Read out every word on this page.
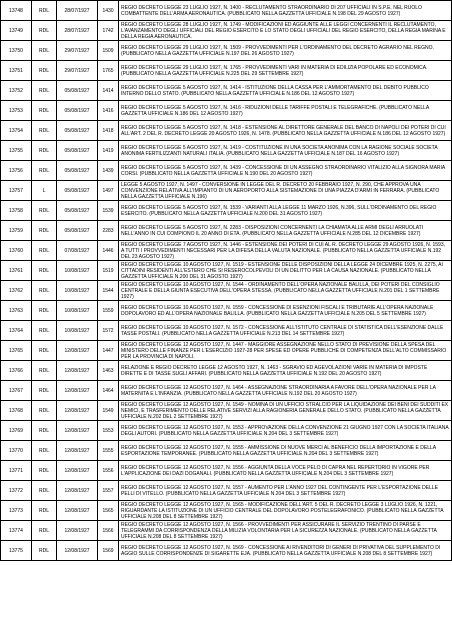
13748	RDL	28/07/1927	1430	REGIO DECRETO LEGGE 23 LUGLIO 1927, N. 1400 - RECLUTAMENTO STRAORDINARIO DI 207 UFFICIALI IN S.P.E. NEL RUOLO COMBATTENTE DELL'ARMA AERONAUTICA. (PUBBLICATO NELLA GAZZETTA UFFICIALE N.198 DEL 29 AGOSTO 1927)
13749	RDL	28/07/1927	1742	REGIO DECRETO LEGGE 28 LUGLIO 1927, N. 1749 - MODIFICAZIONI ED AGGIUNTE ALLE LEGGI CONCERNENTI IL RECLUTAMENTO, L'AVANZAMENTO DEGLI UFFICIALI DEL REGIO ESERCITO E LO STATO DEGLI UFFICIALI DEL REGIO ESERCITO, DELLA REGIA MARINA E DELLA REGIA AERONAUTICA.
13750	RDL	29/07/1927	1509	REGIO DECRETO LEGGE 29 LUGLIO 1927, N. 1509 - PROVVEDIMENTI PER L'ORDINAMENTO DEL DECRETO AGRARIO NEL REGNO. (PUBBLICATO NELLA GAZZETTA UFFICIALE N.197 DEL 26 AGOSTO 1927)
13751	RDL	29/07/1927	1765	REGIO DECRETO LEGGE 29 LUGLIO 1927, N. 1765 - PROVVEDIMENTI VARI IN MATERIA DI EDILIZIA POPOLARE ED ECONOMICA. (PUBBLICATO NELLA GAZZETTA UFFICIALE N.225 DEL 29 SETTEMBRE 1927)
13752	RDL	05/08/1927	1414	REGIO DECRETO LEGGE 5 AGOSTO 1927, N. 1414 - ISTITUZIONE DELLA CASSA PER L'AMMORTAMENTO DEL DEBITO PUBBLICO INTERNO DELLO STATO. (PUBBLICATO NELLA GAZZETTA UFFICIALE N.186 DEL 12 AGOSTO 1927)
13753	RDL	05/08/1927	1416	REGIO DECRETO LEGGE 5 AGOSTO 1927, N. 1416 - RIDUZIONI DELLE TARIFFE POSTALI E TELEGRAFICHE. (PUBBLICATO NELLA GAZZETTA UFFICIALE N.186 DEL 12 AGOSTO 1927)
13754	RDL	05/08/1927	1418	REGIO DECRETO LEGGE 5 AGOSTO 1927, N. 1418 - ESTENSIONE AL DIRETTORE GENERALE DEL BANCO DI NAPOLI DEI POTERI DI CUI ALL'ART. 2 DEL R. DECRETO LEGGE 20 AGOSTO 1926, N. 1478. (PUBBLICATO NELLA GAZZETTA UFFICIALE N.186 DEL 12 AGOSTO 1927)
13755	RDL	05/08/1927	1419	REGIO DECRETO LEGGE 5 AGOSTO 1927, N. 1419 - COSTITUZIONE IN UNA SOCIETA ANONIMA CON LA RAGIONE SOCIALE SOCIETA ANONIMA FERTILIZZANTI NATURALI ITALIA. (PUBBLICATO NELLA GAZZETTA UFFICIALE N.187 DEL 16 AGOSTO 1927)
13756	RDL	05/08/1927	1439	REGIO DECRETO LEGGE 5 AGOSTO 1927, N. 1439 - CONCESSIONE DI UN ASSEGNO STRAORDINARIO VITALIZIO ALLA SIGNORA MARIA CORSI. (PUBBLICATO NELLA GAZZETTA UFFICIALE N.190 DEL 20 AGOSTO 1927)
13757	L	05/08/1927	1497	LEGGE 5 AGOSTO 1927, N. 1497 - CONVERSIONE IN LEGGE DEL R. DECRETO 20 FEBBRAIO 1927, N. 290, CHE APPROVA UNA CONVENZIONE RELATIVA ALL'IMPIANTO DI UN AEROPORTO ALLA SISTEMAZIONE DI UNA PIAZZA D'ARMI IN FERRARA. (PUBBLICATO NELLA GAZZETTA UFFICIALE N.196)
13758	RDL	05/08/1927	1539	REGIO DECRETO LEGGE 5 AGOSTO 1927, N. 1539 - VARIANTI ALLA LEGGE 11 MARZO 1926, N.396, SULL'ORDINAMENTO DEL REGIO ESERCITO. (PUBBLICATO NELLA GAZZETTA UFFICIALE N.200 DEL 31 AGOSTO 1927)
13759	RDL	05/08/1927	2283	REGIO DECRETO LEGGE 5 AGOSTO 1927, N. 2283 - DISPOSIZIONI CONCERNENTI LA CHIAMATA ALLE ARMI DEGLI ARRUOLATI NELL'ANNO IN CUI COMPIONO IL 20 ANNO DI ETA. (PUBBLICATO NELLA GAZZETTA UFFICIALE N.285 DEL 12 DICEMBRE 1927)
13760	RDL	07/08/1927	1446	REGIO DECRETO LEGGE 7 AGOSTO 1927, N. 1446 - ESTENSIONE DEI POTERI DI CUI AL R. DECRETO LEGGE 29 AGOSTO 1926, N. 1593, A TUTTI I PROVVEDIMENTI NECESSARI PER LA DIFESA DELLA VALUTA NAZIONALE. (PUBBLICATO NELLA GAZZETTA UFFICIALE N.192 DEL 23 AGOSTO 1927)
13761	RDL	10/08/1927	1519	REGIO DECRETO LEGGE 10 AGOSTO 1927, N. 1519 - ESTENSIONE DELLE DISPOSIZIONI DELLA LEGGE 24 DICEMBRE 1925, N. 2275, AI CITTADINI RESIDENTI ALL'ESTERO CHE SI RESEROCOLPEVOLI DI UN DELITTO PER LA CAUSA NAZIONALE. (PUBBLICATO NELLA GAZZETTA UFFICIALE N.200 DEL 31 AGOSTO 1927)
13762	RDL	10/08/1927	1544	REGIO DECRETO LEGGE 10 AGOSTO 1927, N. 1544 - ORDINAMENTO DELL'OPERA NAZIONALE BALILLA, DEI POTERI DEL CONSIGLIO CENTRALE E DELLA GIUNTA ESECUTIVA DELL'OPERA STESSA. (PUBBLICATO NELLA GAZZETTA UFFICIALE N.201 DEL 1 SETTEMBRE 1927)
13763	RDL	10/08/1927	1559	REGIO DECRETO LEGGE 10 AGOSTO 1927, N. 1559 - CONCESSIONE DI ESENZIONI FISCALI E TRIBUTARIE ALL'OPERA NAZIONALE DOPOLAVORO ED ALL'OPERA NAZIONALE BALILLA. (PUBBLICATO NELLA GAZZETTA UFFICIALE N.205 DEL 5 SETTEMBRE 1927)
13764	RDL	10/08/1927	1572	REGIO DECRETO LEGGE 10 AGOSTO 1927, N. 1572 - CONCESSIONE ALL'ISTITUTO CENTRALE DI STATISTICA DELL'ESENZIONE DALLE TASSE POSTALI. (PUBBLICATO NELLA GAZZETTA UFFICIALE N.213 DEL 14 SETTEMBRE 1927)
13765	RDL	12/08/1927	1447	REGIO DECRETO LEGGE 12 AGOSTO 1927, N. 1447 - MAGGIORE ASSEGNAZIONE NELLO STATO DI PREVISIONE DELLA SPESA DEL MINISTERO DELLE FINANZE PER L'ESERCIZIO 1927-28 PER SPESE ED OPERE PUBBLICHE DI COMPETENZA DELL'ALTO COMMISSARIO PER LA PROVINCIA DI NAPOLI.
13766	RDL	12/08/1927	1463	RELAZIONE E REGIO DECRETO LEGGE 12 AGOSTO 1927, N. 1463 - SGRAVIO ED AGEVOLAZIONI VARIE IN MATERIA DI IMPOSTE DIRETTE E DI TASSE SUGLI AFFARI. (PUBBLICATO NELLA GAZZETTA UFFICIALE N.192 DEL 20 AGOSTO 1927)
13767	RDL	12/08/1927	1464	REGIO DECRETO LEGGE 12 AGOSTO 1927, N. 1464 - ASSEGNAZIONE STRAORDINARIA A FAVORE DELL'OPERA NAZIONALE PER LA MATERNITA E L'INFANZIA. (PUBBLICATO NELLA GAZZETTA UFFICIALE N.192 DEL 20 AGOSTO 1927)
13768	RDL	12/08/1927	1549	REGIO DECRETO LEGGE 12 AGOSTO 1927, N. 1549 - NOMINA DI UN UFFICIO STRALCIO PER LA LIQUIDAZIONE DEI BENI DEI SUDDITI EX NEMICI, E TRASFERIMENTO DELLE RELATIVE SERVIZI ALLA RAGIONERIA GENERALE DELLO STATO. (PUBBLICATO NELLA GAZZETTA UFFICIALE N.202 DEL 2 SETTEMBRE 1927)
13769	RDL	12/08/1927	1553	REGIO DECRETO LEGGE 12 AGOSTO 1927, N. 1553 - APPROVAZIONE DELLA CONVENZIONE 21 GIUGNO 1927 CON LA SOCIETA ITALIANA DEGLI AUTORI. (PUBBLICATO NELLA GAZZETTA UFFICIALE N.204 DEL 3 SETTEMBRE 1927)
13770	RDL	12/08/1927	1555	REGIO DECRETO LEGGE 12 AGOSTO 1927, N. 1555 - AMMISSIONE DI NUOVE MERCI AL BENEFICIO DELLA IMPORTAZIONE E DELLA ESPORTAZIONE TEMPORANEE. (PUBBLICATO NELLA GAZZETTA UFFICIALE N.204 DEL 3 SETTEMBRE 1927)
13771	RDL	12/08/1927	1556	REGIO DECRETO LEGGE 12 AGOSTO 1927, N. 1556 - AGGIUNTA DELLA VOCE PELO DI CAPRA NEL REPERTORIO IN VIGORE PER L'APPLICAZIONE DEI DAZI DOGANALI. (PUBBLICATO NELLA GAZZETTA UFFICIALE N.204 DEL 3 SETTEMBRE 1927)
13772	RDL	12/08/1927	1557	REGIO DECRETO LEGGE 12 AGOSTO 1927, N. 1557 - AUMENTO PER L'ANNO 1927 DEL CONTINGENTE PER L'ESPORTAZIONE DELLE PELLI DI VITELLO. (PUBBLICATO NELLA GAZZETTA UFFICIALE N.204 DEL 3 SETTEMBRE 1927)
13773	RDL	12/08/1927	1565	REGIO DECRETO LEGGE 12 AGOSTO 1927, N. 1565 - MODIFICAZIONE DELL'ART. 5 DEL R. DECRETO LEGGE 3 LUGLIO 1926, N. 1221, RIGUARDANTE LA ISTITUZIONE DI UN UFFICIO CENTRALE DEL DOPOLAVORO POSTELEGRAFONICO. (PUBBLICATO NELLA GAZZETTA UFFICIALE N.208 DEL 8 SETTEMBRE 1927)
13774	RDL	12/08/1927	1566	REGIO DECRETO LEGGE 12 AGOSTO 1927, N. 1566 - PROVVEDIMENTI PER ASSICURARE IL SERVIZIO TRENTINO DI PARSE E TELEGRAMMI DA CORRISPONDENZA DELLA MILIZIA VOLONTARIA PER LA SICUREZZA NAZIONALE. (PUBBLICATO NELLA GAZZETTA UFFICIALE N.208 DEL 8 SETTEMBRE 1927)
13775	RDL	12/08/1927	1569	REGIO DECRETO LEGGE 12 AGOSTO 1927, N. 1569 - CONCESSIONE AI RIVENDITORI DI GENERI DI PRIVATIVA DEL SUPPLEMENTO DI AGGIO SULLE CORRISPONDENZE DI SIGARETTE EJA. (PUBBLICATO NELLA GAZZETTA UFFICIALE N.208 DEL 8 SETTEMBRE 1927)
